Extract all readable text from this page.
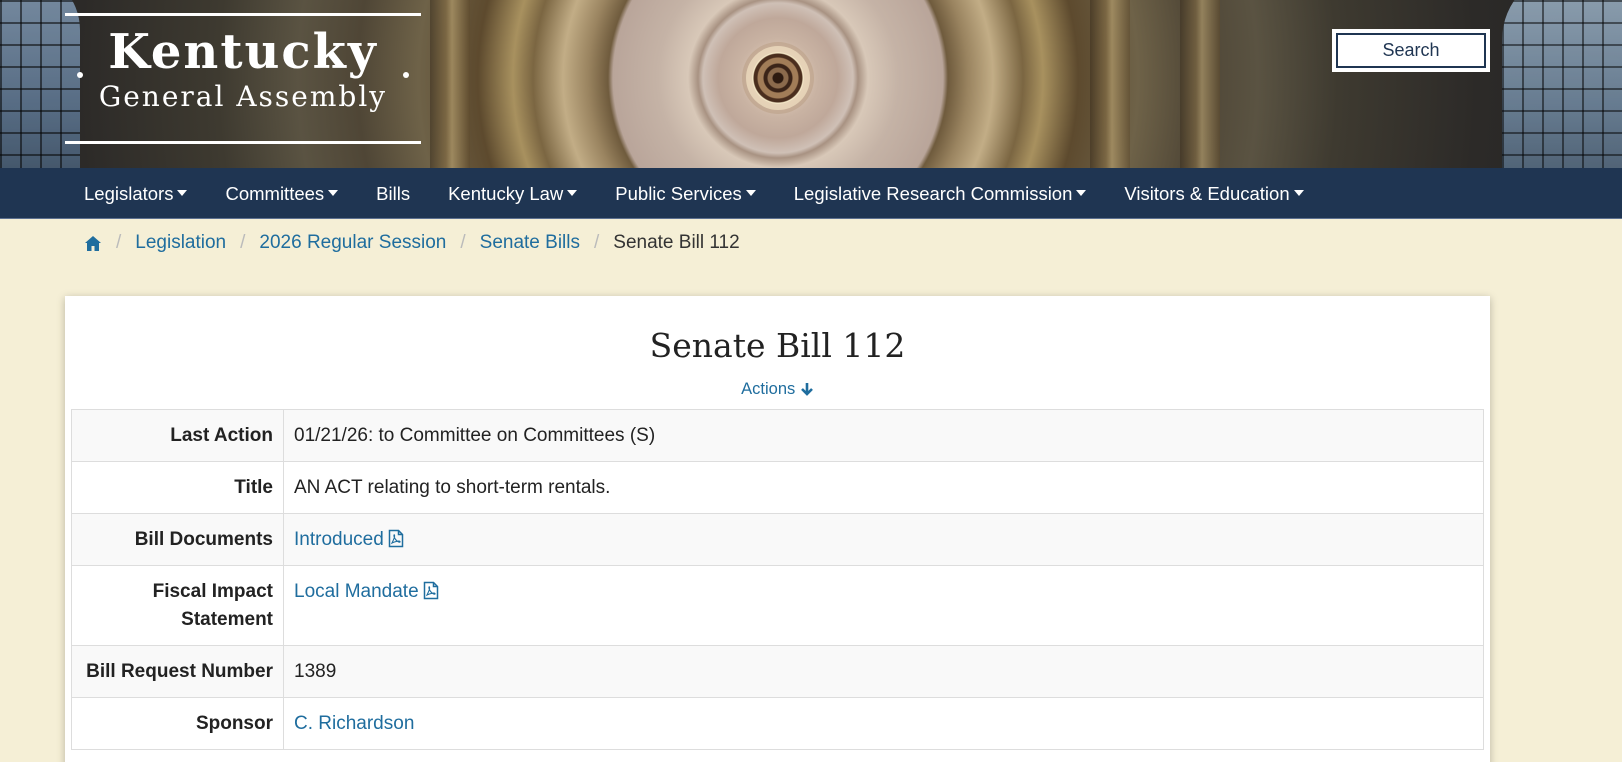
Kentucky
General Assembly
Search
Legislators	Committees	Bills	Kentucky Law	Public Services	Legislative Research Commission	Visitors & Education
/ Legislation / 2026 Regular Session / Senate Bills / Senate Bill 112
Senate Bill 112
Actions
Last Action	01/21/26: to Committee on Committees (S)
Title	AN ACT relating to short-term rentals.
Bill Documents	Introduced
Fiscal Impact Statement	Local Mandate
Bill Request Number	1389
Sponsor	C. Richardson
